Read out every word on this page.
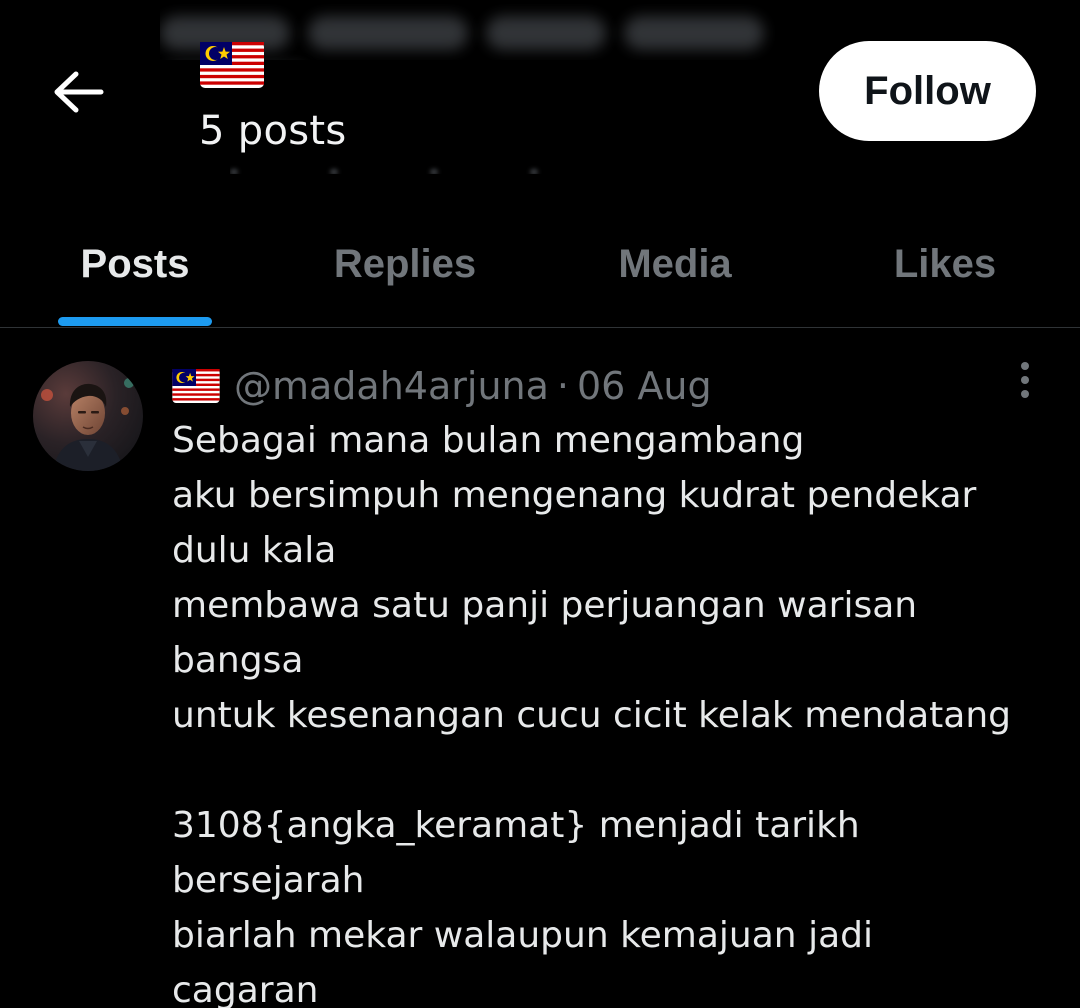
5 posts
Follow
Posts	Replies	Media	Likes
@madah4arjuna · 06 Aug
Sebagai mana bulan mengambang
aku bersimpuh mengenang kudrat pendekar
dulu kala
membawa satu panji perjuangan warisan
bangsa
untuk kesenangan cucu cicit kelak mendatang
3108{angka_keramat} menjadi tarikh
bersejarah
biarlah mekar walaupun kemajuan jadi
cagaran
